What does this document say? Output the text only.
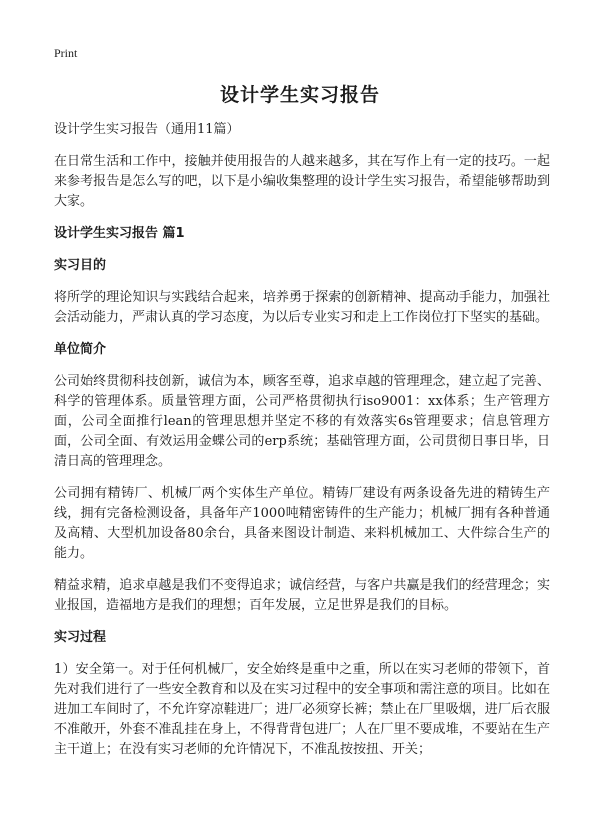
Print
设计学生实习报告
设计学生实习报告（通用11篇）

在日常生活和工作中，接触并使用报告的人越来越多，其在写作上有一定的技巧。一起来参考报告是怎么写的吧，以下是小编收集整理的设计学生实习报告，希望能够帮助到大家。

设计学生实习报告 篇1
实习目的

将所学的理论知识与实践结合起来，培养勇于探索的创新精神、提高动手能力，加强社会活动能力，严肃认真的学习态度，为以后专业实习和走上工作岗位打下坚实的基础。

单位简介

公司始终贯彻科技创新，诚信为本，顾客至尊，追求卓越的管理理念，建立起了完善、科学的管理体系。质量管理方面，公司严格贯彻执行iso9001：xx体系；生产管理方面，公司全面推行lean的管理思想并坚定不移的有效落实6s管理要求；信息管理方面，公司全面、有效运用金蝶公司的erp系统；基础管理方面，公司贯彻日事日毕，日清日高的管理理念。

公司拥有精铸厂、机械厂两个实体生产单位。精铸厂建设有两条设备先进的精铸生产线，拥有完备检测设备，具备年产1000吨精密铸件的生产能力；机械厂拥有各种普通及高精、大型机加设备80余台，具备来图设计制造、来料机械加工、大件综合生产的能力。

精益求精，追求卓越是我们不变得追求；诚信经营，与客户共赢是我们的经营理念；实业报国，造福地方是我们的理想；百年发展，立足世界是我们的目标。

实习过程

1）安全第一。对于任何机械厂，安全始终是重中之重，所以在实习老师的带领下，首先对我们进行了一些安全教育和以及在实习过程中的安全事项和需注意的项目。比如在进加工车间时了，不允许穿凉鞋进厂；进厂必须穿长裤；禁止在厂里吸烟，进厂后衣服不准敞开，外套不准乱挂在身上，不得背背包进厂；人在厂里不要成堆，不要站在生产主干道上；在没有实习老师的允许情况下，不准乱按按扭、开关；
